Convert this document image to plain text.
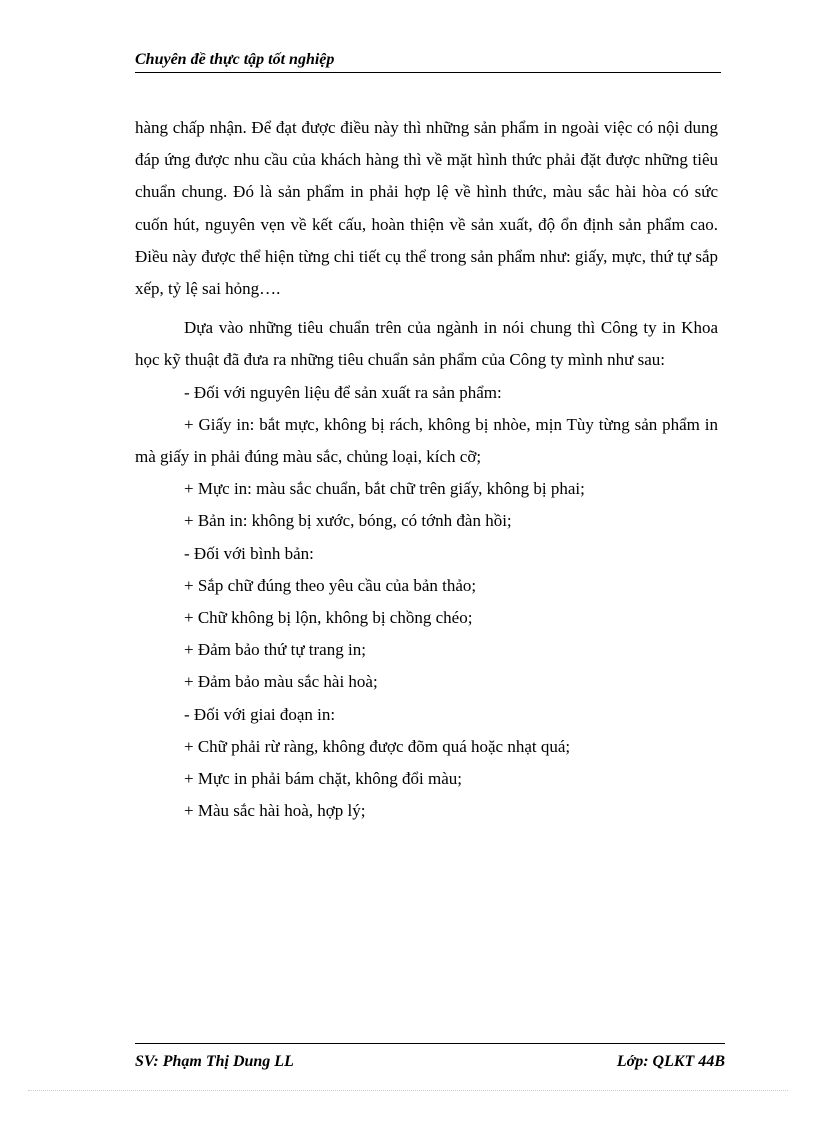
Chuyên đề thực tập tốt nghiệp

hàng chấp nhận. Để đạt được điều này thì những sản phẩm in ngoài việc có nội dung đáp ứng được nhu cầu của khách hàng thì về mặt hình thức phải đặt được những tiêu chuẩn chung. Đó là sản phẩm in phải hợp lệ về hình thức, màu sắc hài hòa có sức cuốn hút, nguyên vẹn về kết cấu, hoàn thiện về sản xuất, độ ổn định sản phẩm cao. Điều này được thể hiện từng chi tiết cụ thể trong sản phẩm như: giấy, mực, thứ tự sắp xếp, tỷ lệ sai hỏng….

Dựa vào những tiêu chuẩn trên của ngành in nói chung thì Công ty in Khoa học kỹ thuật đã đưa ra những tiêu chuẩn sản phẩm của Công ty mình như sau:

- Đối với nguyên liệu để sản xuất ra sản phẩm:

+ Giấy in: bắt mực, không bị rách, không bị nhòe, mịn Tùy từng sản phẩm in mà giấy in phải đúng màu sắc, chủng loại, kích cỡ;

+ Mực in: màu sắc chuẩn, bắt chữ trên giấy, không bị phai;

+ Bản in: không bị xước, bóng, có tớnh đàn hồi;

- Đối với bình bản:

+ Sắp chữ đúng theo yêu cầu của bản thảo;

+ Chữ không bị lộn, không bị chồng chéo;

+ Đảm bảo thứ tự trang in;

+ Đảm bảo màu sắc hài hoà;

- Đối với giai đoạn in:

+ Chữ phải rừ ràng, không được đõm quá hoặc nhạt quá;

+ Mực in phải bám chặt, không đổi màu;

+ Màu sắc hài hoà, hợp lý;

SV: Phạm Thị Dung LL	Lớp: QLKT 44B
